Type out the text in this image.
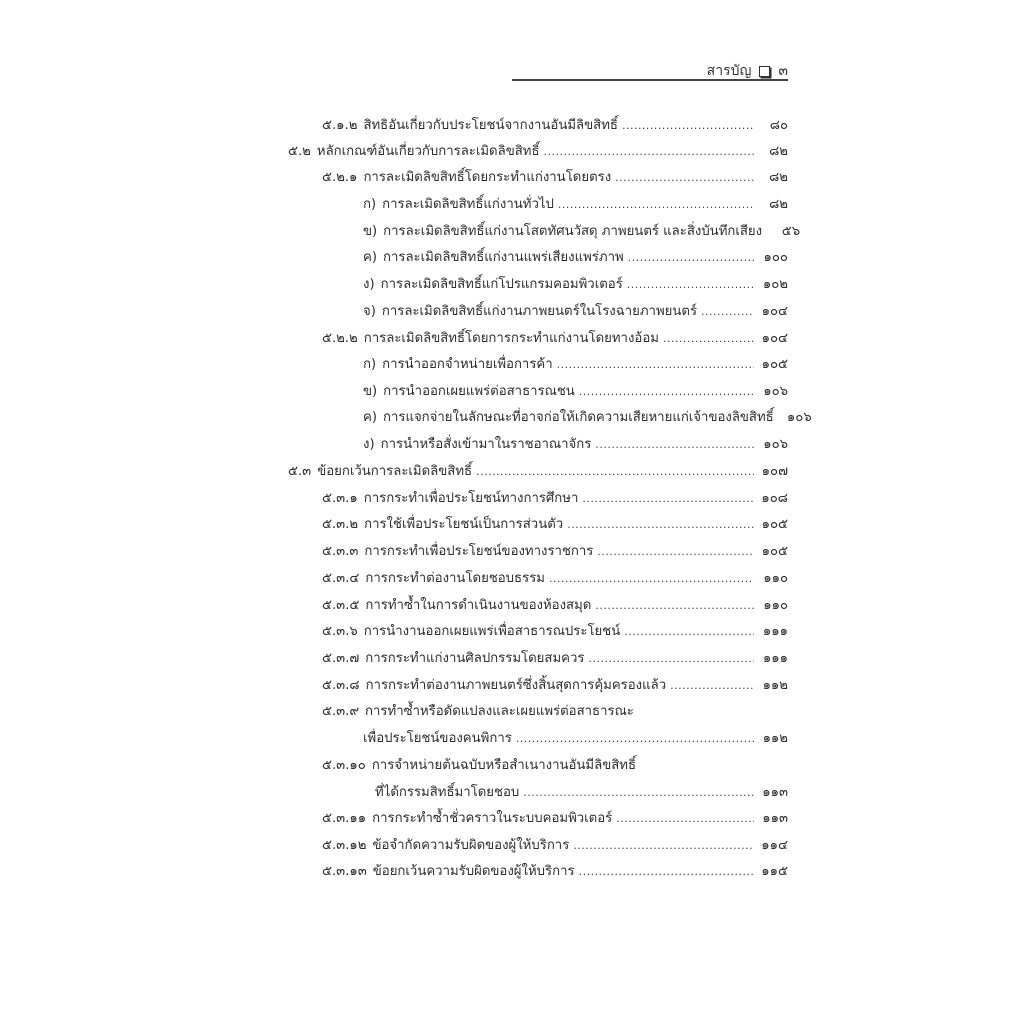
สารบัญ ๓
๕.๑.๒ สิทธิอันเกี่ยวกับประโยชน์จากงานอันมีลิขสิทธิ์ .....	๘๐
๕.๒ หลักเกณฑ์อันเกี่ยวกับการละเมิดลิขสิทธิ์ .....	๘๒
๕.๒.๑ การละเมิดลิขสิทธิ์โดยกระทำแก่งานโดยตรง .....	๘๒
ก) การละเมิดลิขสิทธิ์แก่งานทั่วไป .....	๘๒
ข) การละเมิดลิขสิทธิ์แก่งานโสตทัศนวัสดุ ภาพยนตร์ และสิ่งบันทึกเสียง	๕๖
ค) การละเมิดลิขสิทธิ์แก่งานแพร่เสียงแพร่ภาพ .....	๑๐๐
ง) การละเมิดลิขสิทธิ์แก่โปรแกรมคอมพิวเตอร์ .....	๑๐๒
จ) การละเมิดลิขสิทธิ์แก่งานภาพยนตร์ในโรงฉายภาพยนตร์ .....	๑๐๔
๕.๒.๒ การละเมิดลิขสิทธิ์โดยการกระทำแก่งานโดยทางอ้อม .....	๑๐๔
ก) การนำออกจำหน่ายเพื่อการค้า .....	๑๐๕
ข) การนำออกเผยแพร่ต่อสาธารณชน .....	๑๐๖
ค) การแจกจ่ายในลักษณะที่อาจก่อให้เกิดความเสียหายแก่เจ้าของลิขสิทธิ์	๑๐๖
ง) การนำหรือสั่งเข้ามาในราชอาณาจักร .....	๑๐๖
๕.๓ ข้อยกเว้นการละเมิดลิขสิทธิ์ .....	๑๐๗
๕.๓.๑ การกระทำเพื่อประโยชน์ทางการศึกษา .....	๑๐๘
๕.๓.๒ การใช้เพื่อประโยชน์เป็นการส่วนตัว .....	๑๐๕
๕.๓.๓ การกระทำเพื่อประโยชน์ของทางราชการ .....	๑๐๕
๕.๓.๔ การกระทำต่องานโดยชอบธรรม .....	๑๑๐
๕.๓.๕ การทำซ้ำในการดำเนินงานของห้องสมุด .....	๑๑๐
๕.๓.๖ การนำงานออกเผยแพร่เพื่อสาธารณประโยชน์ .....	๑๑๑
๕.๓.๗ การกระทำแก่งานศิลปกรรมโดยสมควร .....	๑๑๑
๕.๓.๘ การกระทำต่องานภาพยนตร์ซึ่งสิ้นสุดการคุ้มครองแล้ว .....	๑๑๒
๕.๓.๙ การทำซ้ำหรือดัดแปลงและเผยแพร่ต่อสาธารณะ
เพื่อประโยชน์ของคนพิการ .....	๑๑๒
๕.๓.๑๐ การจำหน่ายต้นฉบับหรือสำเนางานอันมีลิขสิทธิ์
ที่ได้กรรมสิทธิ์มาโดยชอบ .....	๑๑๓
๕.๓.๑๑ การกระทำซ้ำชั่วคราวในระบบคอมพิวเตอร์ .....	๑๑๓
๕.๓.๑๒ ข้อจำกัดความรับผิดของผู้ให้บริการ .....	๑๑๔
๕.๓.๑๓ ข้อยกเว้นความรับผิดของผู้ให้บริการ .....	๑๑๕
